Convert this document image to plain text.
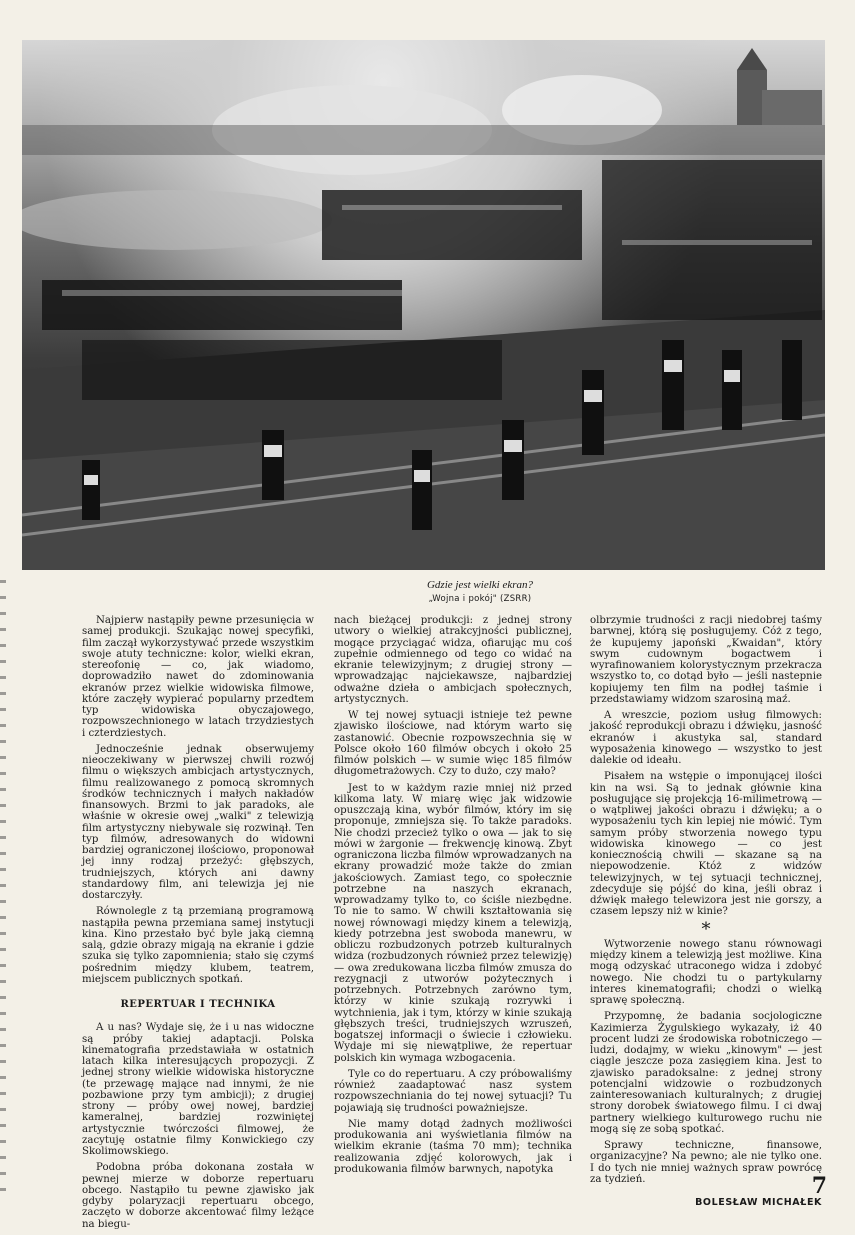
Gdzie jest wielki ekran?
„Wojna i pokój" (ZSRR)

Najpierw nastąpiły pewne przesunięcia w samej produkcji. Szukając nowej specyfiki, film zaczął wykorzystywać przede wszystkim swoje atuty techniczne: kolor, wielki ekran, stereofonię — co, jak wiadomo, doprowadziło nawet do zdominowania ekranów przez wielkie widowiska filmowe, które zaczęły wypierać popularny przedtem typ widowiska obyczajowego, rozpowszechnionego w latach trzydziestych i czterdziestych.

Jednocześnie jednak obserwujemy nieoczekiwany w pierwszej chwili rozwój filmu o większych ambicjach artystycznych, filmu realizowanego z pomocą skromnych środków technicznych i małych nakładów finansowych. Brzmi to jak paradoks, ale właśnie w okresie owej „walki" z telewizją film artystyczny niebywale się rozwinął. Ten typ filmów, adresowanych do widowni bardziej ograniczonej ilościowo, proponował jej inny rodzaj przeżyć: głębszych, trudniejszych, których ani dawny standardowy film, ani telewizja jej nie dostarczyły.

Równolegle z tą przemianą programową nastąpiła pewna przemiana samej instytucji kina. Kino przestało być byle jaką ciemną salą, gdzie obrazy migają na ekranie i gdzie szuka się tylko zapomnienia; stało się czymś pośrednim między klubem, teatrem, miejscem publicznych spotkań.

REPERTUAR I TECHNIKA

A u nas? Wydaje się, że i u nas widoczne są próby takiej adaptacji. Polska kinematografia przedstawiała w ostatnich latach kilka interesujących propozycji. Z jednej strony wielkie widowiska historyczne (te przewagę mające nad innymi, że nie pozbawione przy tym ambicji); z drugiej strony — próby owej nowej, bardziej kameralnej, bardziej rozwiniętej artystycznie twórczości filmowej, że zacytuję ostatnie filmy Konwickiego czy Skolimowskiego.

Podobna próba dokonana została w pewnej mierze w doborze repertuaru obcego. Nastąpiło tu pewne zjawisko jak gdyby polaryzacji repertuaru obcego, zaczęto w doborze akcentować filmy leżące na biegu-

nach bieżącej produkcji: z jednej strony utwory o wielkiej atrakcyjności publicznej, mogące przyciągać widza, ofiarując mu coś zupełnie odmiennego od tego co widać na ekranie telewizyjnym; z drugiej strony — wprowadzając najciekawsze, najbardziej odważne dzieła o ambicjach społecznych, artystycznych.

W tej nowej sytuacji istnieje też pewne zjawisko ilościowe, nad którym warto się zastanowić. Obecnie rozpowszechnia się w Polsce około 160 filmów obcych i około 25 filmów polskich — w sumie więc 185 filmów długometrażowych. Czy to dużo, czy mało?

Jest to w każdym razie mniej niż przed kilkoma laty. W miarę więc jak widzowie opuszczają kina, wybór filmów, który im się proponuje, zmniejsza się. To także paradoks. Nie chodzi przecież tylko o owa — jak to się mówi w żargonie — frekwencję kinową. Zbyt ograniczona liczba filmów wprowadzanych na ekrany prowadzić może także do zmian jakościowych. Zamiast tego, co społecznie potrzebne na naszych ekranach, wprowadzamy tylko to, co ściśle niezbędne. To nie to samo. W chwili kształtowania się nowej równowagi między kinem a telewizją, kiedy potrzebna jest swoboda manewru, w obliczu rozbudzonych potrzeb kulturalnych widza (rozbudzonych również przez telewizję) — owa zredukowana liczba filmów zmusza do rezygnacji z utworów pożytecznych i potrzebnych. Potrzebnych zarówno tym, którzy w kinie szukają rozrywki i wytchnienia, jak i tym, którzy w kinie szukają głębszych treści, trudniejszych wzruszeń, bogatszej informacji o świecie i człowieku. Wydaje mi się niewątpliwe, że repertuar polskich kin wymaga wzbogacenia.

Tyle co do repertuaru. A czy próbowaliśmy również zaadaptować nasz system rozpowszechniania do tej nowej sytuacji? Tu pojawiają się trudności poważniejsze.

Nie mamy dotąd żadnych możliwości produkowania ani wyświetlania filmów na wielkim ekranie (taśma 70 mm); technika realizowania zdjęć kolorowych, jak i produkowania filmów barwnych, napotyka

olbrzymie trudności z racji niedobrej taśmy barwnej, którą się posługujemy. Cóż z tego, że kupujemy japoński „Kwaidan", który swym cudownym bogactwem i wyrafinowaniem kolorystycznym przekracza wszystko to, co dotąd było — jeśli nastepnie kopiujemy ten film na podłej taśmie i przedstawiamy widzom szarosiną maź.

A wreszcie, poziom usług filmowych: jakość reprodukcji obrazu i dźwięku, jasność ekranów i akustyka sal, standard wyposażenia kinowego — wszystko to jest dalekie od ideału.

Pisałem na wstępie o imponującej ilości kin na wsi. Są to jednak głównie kina posługujące się projekcją 16-milimetrową — o wątpliwej jakości obrazu i dźwięku; a o wyposażeniu tych kin lepiej nie mówić. Tym samym próby stworzenia nowego typu widowiska kinowego — co jest koniecznością chwili — skazane są na niepowodzenie. Któż z widzów telewizyjnych, w tej sytuacji technicznej, zdecyduje się pójść do kina, jeśli obraz i dźwięk małego telewizora jest nie gorszy, a czasem lepszy niż w kinie?

*

Wytworzenie nowego stanu równowagi między kinem a telewizją jest możliwe. Kina mogą odzyskać utraconego widza i zdobyć nowego. Nie chodzi tu o partykularny interes kinematografii; chodzi o wielką sprawę społeczną.

Przypomnę, że badania socjologiczne Kazimierza Żygulskiego wykazały, iż 40 procent ludzi ze środowiska robotniczego — ludzi, dodajmy, w wieku „kinowym" — jest ciągle jeszcze poza zasięgiem kina. Jest to zjawisko paradoksalne: z jednej strony potencjalni widzowie o rozbudzonych zainteresowaniach kulturalnych; z drugiej strony dorobek światowego filmu. I ci dwaj partnery wielkiego kulturowego ruchu nie mogą się ze sobą spotkać.

Sprawy techniczne, finansowe, organizacyjne? Na pewno; ale nie tylko one. I do tych nie mniej ważnych spraw powrócę za tydzień.

BOLESŁAW MICHAŁEK
7
